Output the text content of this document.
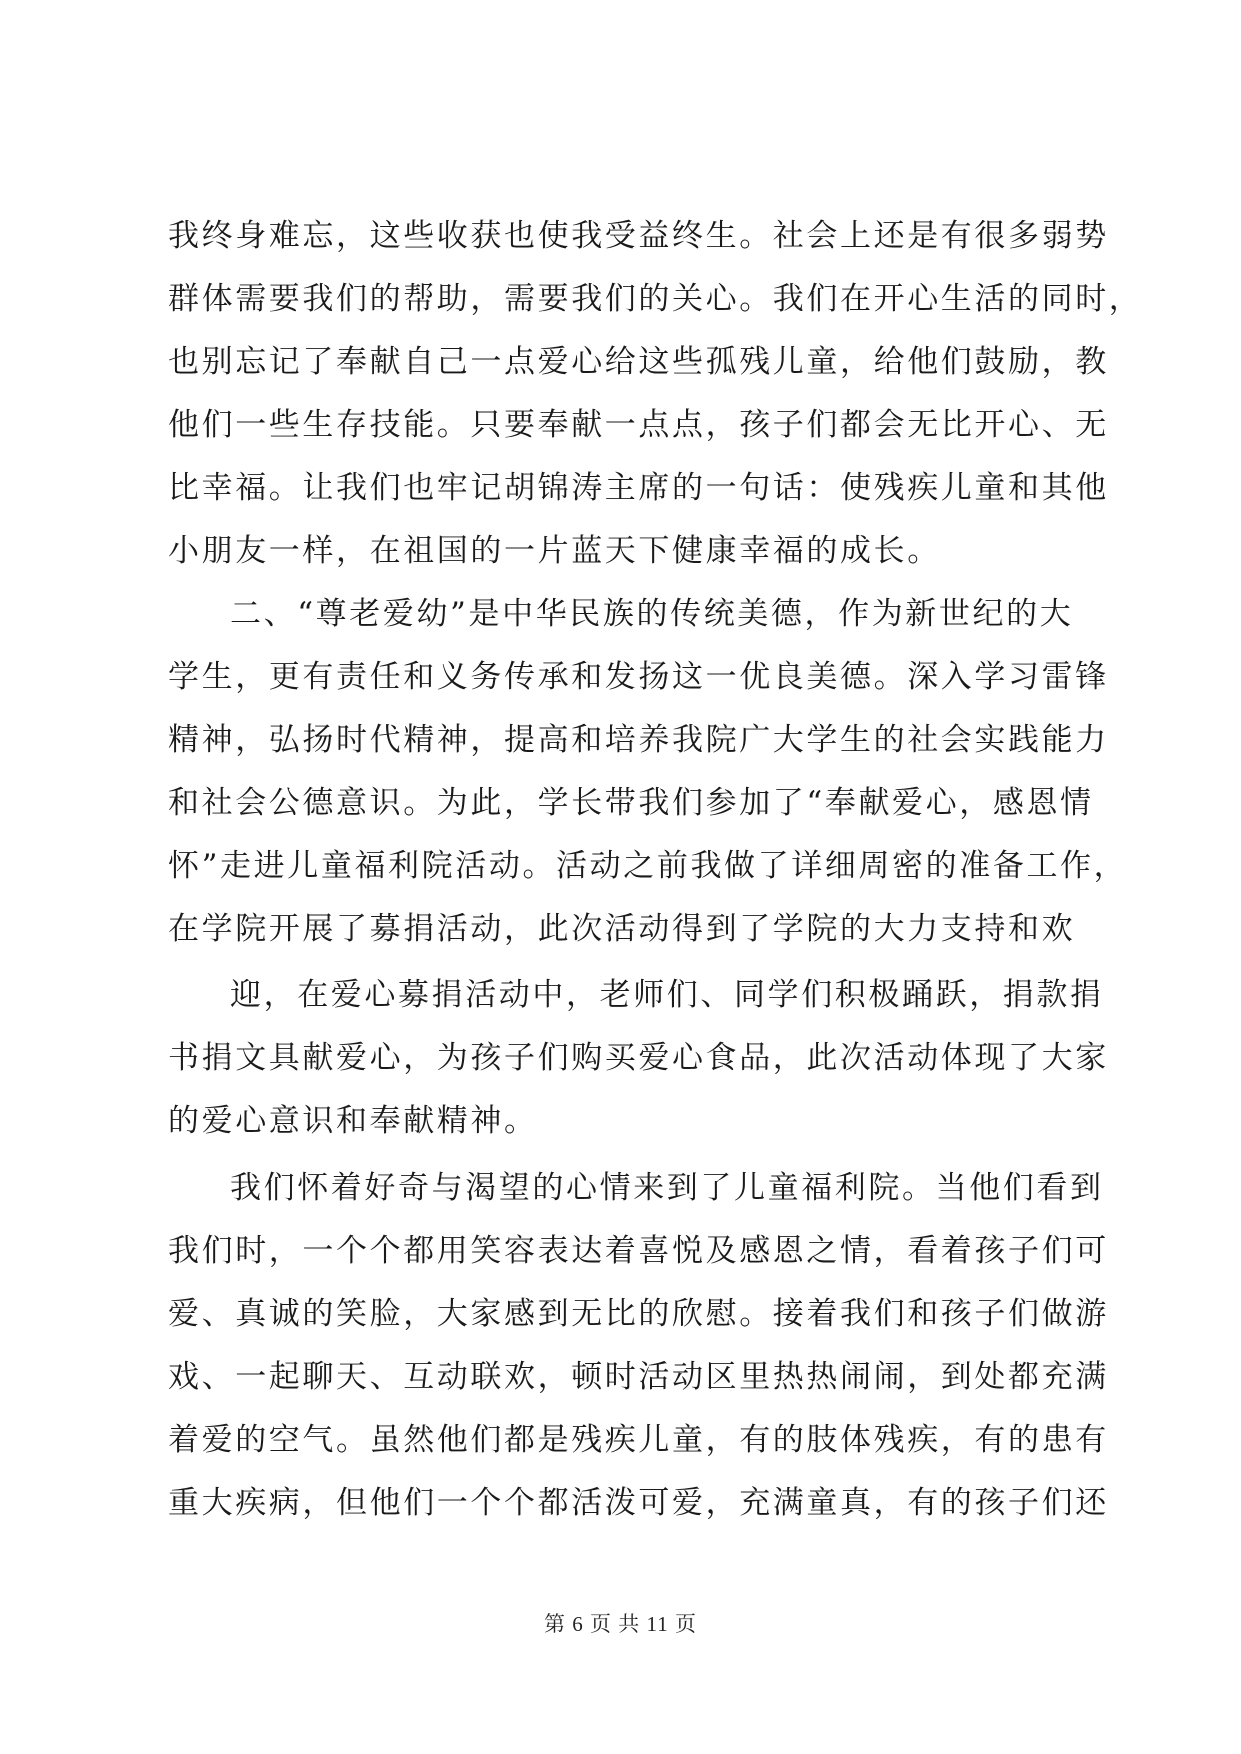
我终身难忘，这些收获也使我受益终生。社会上还是有很多弱势
群体需要我们的帮助，需要我们的关心。我们在开心生活的同时，
也别忘记了奉献自己一点爱心给这些孤残儿童，给他们鼓励，教
他们一些生存技能。只要奉献一点点，孩子们都会无比开心、无
比幸福。让我们也牢记胡锦涛主席的一句话：使残疾儿童和其他
小朋友一样，在祖国的一片蓝天下健康幸福的成长。
二、“尊老爱幼”是中华民族的传统美德，作为新世纪的大
学生，更有责任和义务传承和发扬这一优良美德。深入学习雷锋
精神，弘扬时代精神，提高和培养我院广大学生的社会实践能力
和社会公德意识。为此，学长带我们参加了“奉献爱心，感恩情
怀”走进儿童福利院活动。活动之前我做了详细周密的准备工作，
在学院开展了募捐活动，此次活动得到了学院的大力支持和欢
迎，在爱心募捐活动中，老师们、同学们积极踊跃，捐款捐
书捐文具献爱心，为孩子们购买爱心食品，此次活动体现了大家
的爱心意识和奉献精神。
我们怀着好奇与渴望的心情来到了儿童福利院。当他们看到
我们时，一个个都用笑容表达着喜悦及感恩之情，看着孩子们可
爱、真诚的笑脸，大家感到无比的欣慰。接着我们和孩子们做游
戏、一起聊天、互动联欢，顿时活动区里热热闹闹，到处都充满
着爱的空气。虽然他们都是残疾儿童，有的肢体残疾，有的患有
重大疾病，但他们一个个都活泼可爱，充满童真，有的孩子们还
第 6 页 共 11 页
